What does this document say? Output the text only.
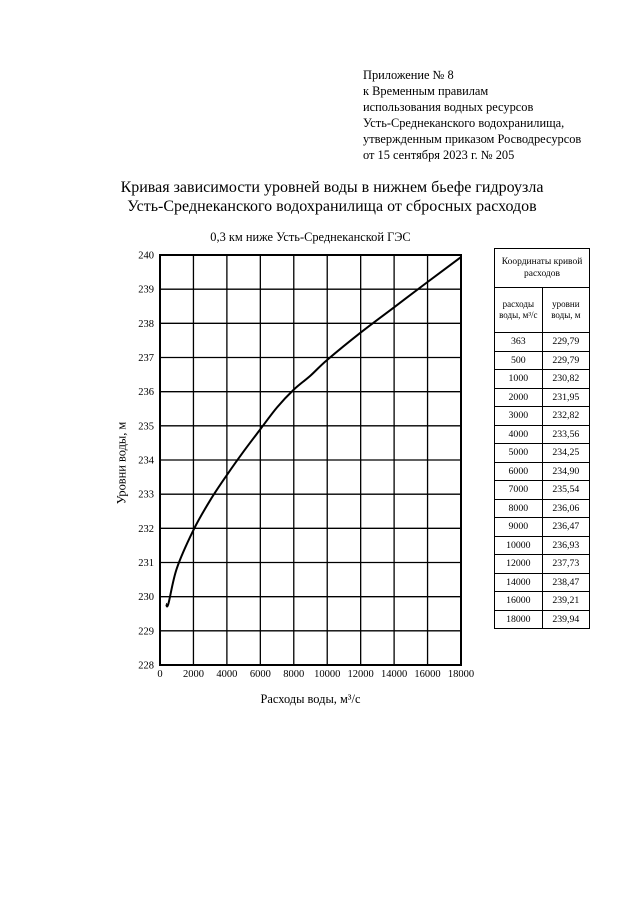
Приложение № 8
к Временным правилам
использования водных ресурсов
Усть-Среднеканского водохранилища,
утвержденным приказом Росводресурсов
от 15 сентября 2023 г. № 205
Кривая зависимости уровней воды в нижнем бьефе гидроузла
Усть-Среднеканского водохранилища от сбросных расходов
0,3 км ниже Усть-Среднеканской ГЭС
0 2000 4000 6000 8000 10000 12000 14000 16000 18000
228
229
230
231
232
233
234
235
236
237
238
239
240
Расходы воды, м³/с
Уровни воды, м
Координаты кривой расходов	
расходы воды, м³/с	уровни воды, м
363	229,79
500	229,79
1000	230,82
2000	231,95
3000	232,82
4000	233,56
5000	234,25
6000	234,90
7000	235,54
8000	236,06
9000	236,47
10000	236,93
12000	237,73
14000	238,47
16000	239,21
18000	239,94
